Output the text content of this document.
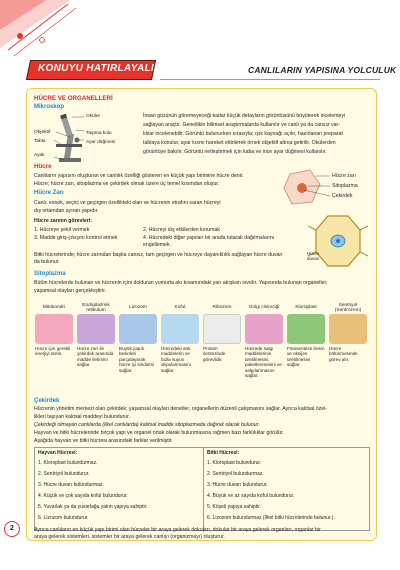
KONUYU HATIRLAYALIM >	CANLILARIN YAPISINA YOLCULUK
HÜCRE VE ORGANELLERİ
Mikroskop
Oküler
Objektif
Tabla
Ayak
Taşıma kolu
Ayar düğmesi
İnsan gözünün göremeyeceği kadar küçük detayların görüntüsünü büyüterek incelemeyi
sağlayan araçtır. Genellikle bilimsel araştırmalarda kullanılır ve canlı ya da cansız var-
lıklar incelenebilir. Görüntü bulunurken sırasıyla; ışık kaynağı açılır, hazırlanan preparat
tablaya konulur, ayar kısmı hareket ettirilerek örnek objektif altına getirilir. Okülerden
görüntüye bakılır. Görüntü netleştirmek için kaba ve ince ayar düğmesi kullanılır.
Hücre
Canlıların yapısını oluşturan ve canlılık özelliği gösteren en küçük yapı birimine hücre denir.
Hücre; hücre zarı, sitoplazma ve çekirdek olmak üzere üç temel kısımdan oluşur.
Hücre zarı
Sitoplazma
Çekirdek
Hücre Zarı
Canlı, esnek, seçici ve geçirgen özellikteki olan ve hücrenin etrafını saran hücreyi
dış ortamdan ayıran yapıdır.
Hücre zarının görevleri:
1. Hücreye şekil vermek	2. Hücreyi dış etkilerden korumak
3. Madde giriş-çıkışını kontrol etmek	4. Hücredeki diğer yapıları bir arada tutarak dağılmalarını engellemek.
Bitki hücrelerinde; hücre zarından başka cansız, tam geçirgen ve hücreye dayanıklılık sağlayan hücre duvarı da bulunur.
Hücre duvarı
Sitoplazma
Bütün hücrelerde bulunan ve hücrenin içini dolduran yumurta akı kıvamındaki yarı akışkan sıvıdır. Yapısında bulunan organeller,
yaşamsal olayları gerçekleştirir.
Mitokondri
Hücre için gerekli enerjiyi üretir.
Endoplazmik retikulum
Hücre zarı ile çekirdek arasında madde iletimini sağlar.
Lizozom
Büyük yapılı besinleri parçalayarak hücre içi sindirimi sağlar.
Koful
Hücredeki atık maddelerin ve fazla suyun depolanmasını sağlar.
Ribozom
Protein sentezinde görevlidir.
Golgi cisimciği
Hücrede salgı maddelerinin üretilmesini, paketlenmesini ve salgılanmasını sağlar.
Kloroplast
Fotosenteze besin ve oksijen üretilmesini sağlar.
Sentriyol (Sentrozom)
Hücre bölünmesinde görev alır.
Çekirdek
Hücrenin yönetim merkezi olan çekirdek; yaşamsal olayları denetler, organellerin düzenli çalışmasını sağlar. Ayrıca kalıtsal özel-
likleri taşıyan kalıtsal maddeyi bulundurur.
Çekirdeği olmayan canlılarda (ilkel canlılarda) kalıtsal madde sitoplazmada dağınık olarak bulunur.
Hayvan ve bitki hücrelerinde birçok yapı ve organel ortak olarak bulunmasına rağmen bazı farklılıklar görülür.
Aşağıda hayvan ve bitki hücresi arasındaki farklar verilmiştir.
Hayvan Hücresi:
1. Kloroplast bulundurmaz.
2. Sentriyol bulundurur.
3. Hücre duvarı bulundurmaz.
4. Küçük ve çok sayıda koful bulundurur.
5. Yuvarlak ya da yuvarlağa yakın yapıya sahiptir.
6. Lizozom bulundurur.
Bitki Hücresi:
1. Kloroplast bulundurur.
2. Sentriyol bulundurmaz.
3. Hücre duvarı bulundurur.
4. Büyük ve az sayıda koful bulundurur.
5. Köşeli yapıya sahiptir.
6. Lizozom bulundurmaz (İlkel bitki hücrelerinde bulunur.).
Ayrıca canlıların en küçük yapı birimi olan hücreler bir araya gelerek dokuları, dokular bir araya gelerek organları, organlar bir
araya gelerek sistemleri, sistemler bir araya gelerek canlıyı (organizmayı) oluşturur.
2
